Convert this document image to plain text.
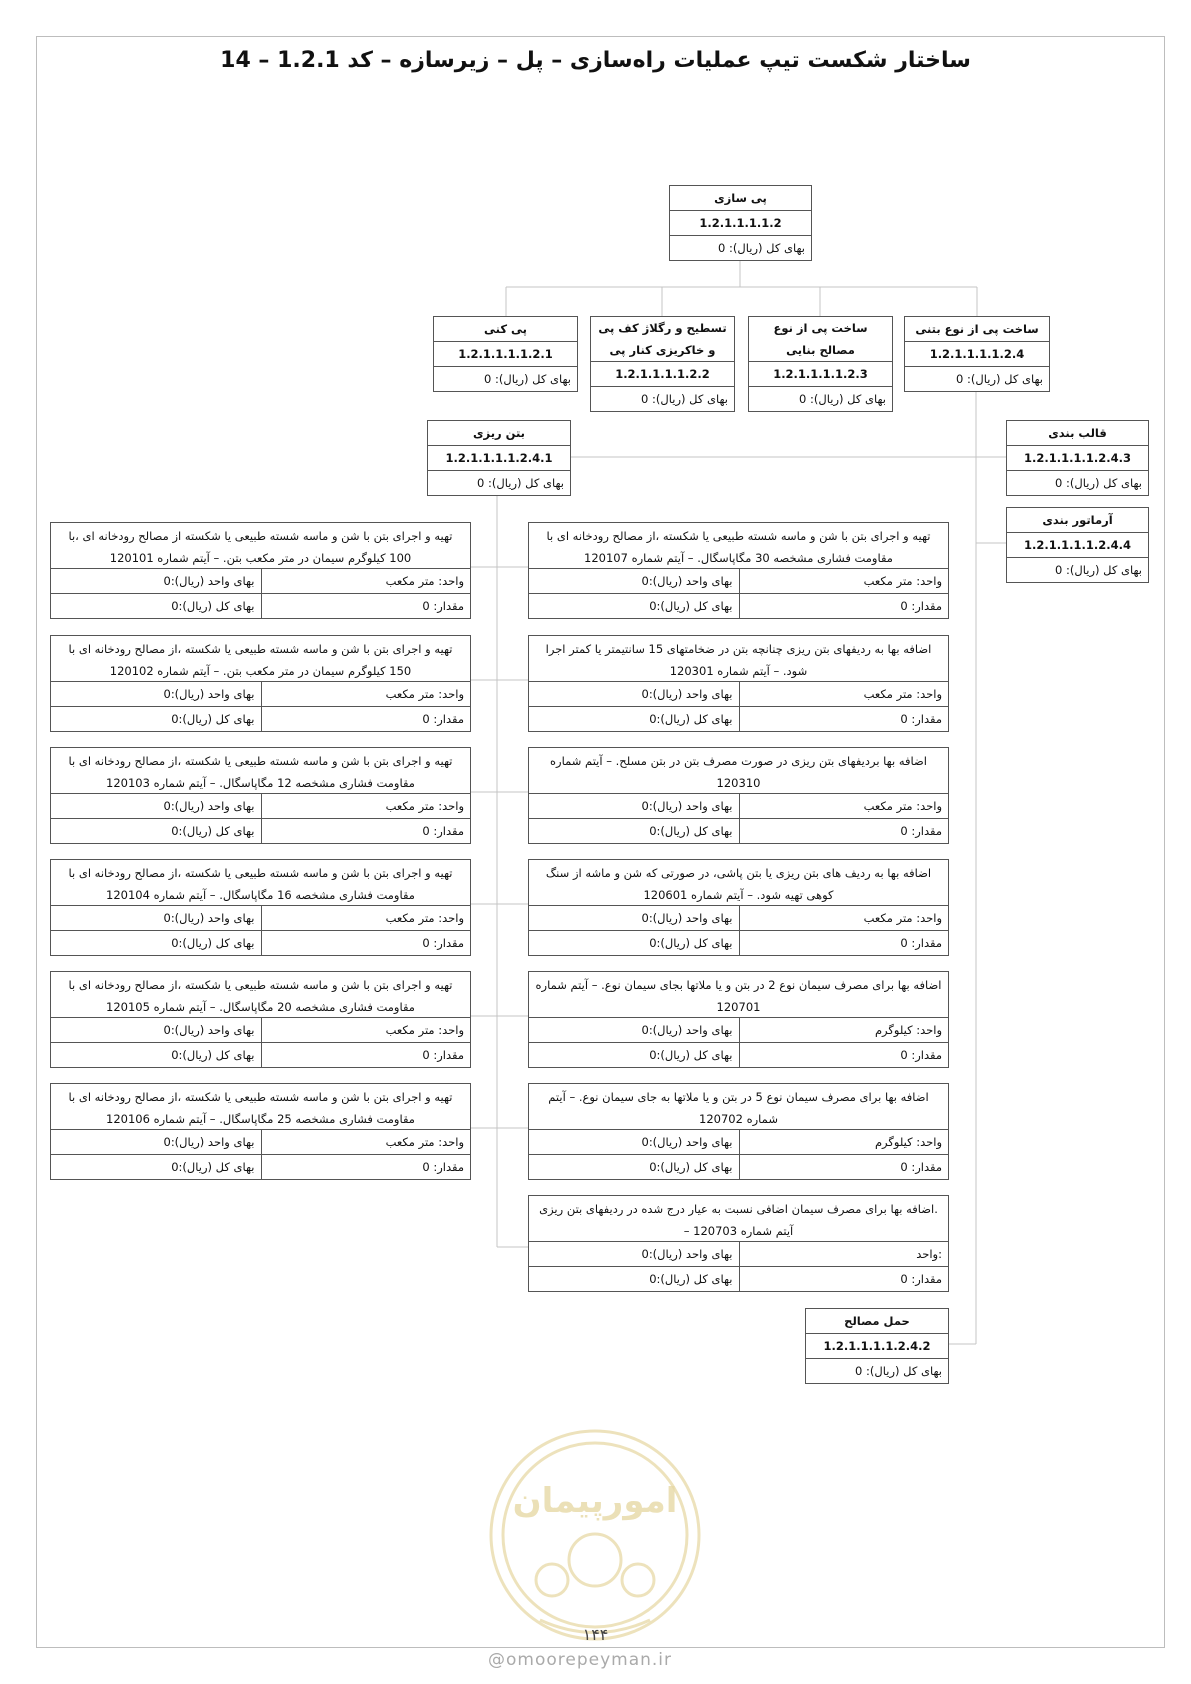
ساختار شکست تیپ عملیات راه‌سازی – پل – زیرسازه – کد 1.2.1 – 14
پی سازی
1.2.1.1.1.1.2
بهای کل (ریال): 0
ساخت پی از نوع بتنی
1.2.1.1.1.1.2.4
بهای کل (ریال): 0
ساخت پی از نوع مصالح بنایی
1.2.1.1.1.1.2.3
بهای کل (ریال): 0
تسطیح و رگلاژ کف پی و خاکریزی کنار پی
1.2.1.1.1.1.2.2
بهای کل (ریال): 0
پی کنی
1.2.1.1.1.1.2.1
بهای کل (ریال): 0
بتن ریزی
1.2.1.1.1.1.2.4.1
بهای کل (ریال): 0
قالب بندی
1.2.1.1.1.1.2.4.3
بهای کل (ریال): 0
آرماتور بندی
1.2.1.1.1.1.2.4.4
بهای کل (ریال): 0
حمل مصالح
1.2.1.1.1.1.2.4.2
بهای کل (ریال): 0
تهیه و اجرای بتن با شن و ماسه شسته طبیعی یا شکسته از مصالح رودخانه ای ،با 100 کیلوگرم سیمان در متر مکعب بتن. – آیتم شماره 120101
واحد: متر مکعب
بهای واحد (ریال):0
مقدار: 0
بهای کل (ریال):0
تهیه و اجرای بتن با شن و ماسه شسته طبیعی یا شکسته ،از مصالح رودخانه ای با 150 کیلوگرم سیمان در متر مکعب بتن. – آیتم شماره 120102
واحد: متر مکعب
بهای واحد (ریال):0
مقدار: 0
بهای کل (ریال):0
تهیه و اجرای بتن با شن و ماسه شسته طبیعی یا شکسته ،از مصالح رودخانه ای با مقاومت فشاری مشخصه 12 مگاپاسگال. – آیتم شماره 120103
واحد: متر مکعب
بهای واحد (ریال):0
مقدار: 0
بهای کل (ریال):0
تهیه و اجرای بتن با شن و ماسه شسته طبیعی یا شکسته ،از مصالح رودخانه ای با مقاومت فشاری مشخصه 16 مگاپاسگال. – آیتم شماره 120104
واحد: متر مکعب
بهای واحد (ریال):0
مقدار: 0
بهای کل (ریال):0
تهیه و اجرای بتن با شن و ماسه شسته طبیعی یا شکسته ،از مصالح رودخانه ای با مقاومت فشاری مشخصه 20 مگاپاسگال. – آیتم شماره 120105
واحد: متر مکعب
بهای واحد (ریال):0
مقدار: 0
بهای کل (ریال):0
تهیه و اجرای بتن با شن و ماسه شسته طبیعی یا شکسته ،از مصالح رودخانه ای با مقاومت فشاری مشخصه 25 مگاپاسگال. – آیتم شماره 120106
واحد: متر مکعب
بهای واحد (ریال):0
مقدار: 0
بهای کل (ریال):0
تهیه و اجرای بتن با شن و ماسه شسته طبیعی یا شکسته ،از مصالح رودخانه ای با مقاومت فشاری مشخصه 30 مگاپاسگال. – آیتم شماره 120107
واحد: متر مکعب
بهای واحد (ریال):0
مقدار: 0
بهای کل (ریال):0
اضافه بها به ردیفهای بتن ریزی چنانچه بتن در ضخامتهای 15 سانتیمتر یا کمتر اجرا شود. – آیتم شماره 120301
واحد: متر مکعب
بهای واحد (ریال):0
مقدار: 0
بهای کل (ریال):0
اضافه بها بردیفهای بتن ریزی در صورت مصرف بتن در بتن مسلح. – آیتم شماره 120310
واحد: متر مکعب
بهای واحد (ریال):0
مقدار: 0
بهای کل (ریال):0
اضافه بها به ردیف های بتن ریزی یا بتن پاشی، در صورتی که شن و ماشه از سنگ کوهی تهیه شود. – آیتم شماره 120601
واحد: متر مکعب
بهای واحد (ریال):0
مقدار: 0
بهای کل (ریال):0
اضافه بها برای مصرف سیمان نوع 2 در بتن و یا ملاتها بجای سیمان نوع. – آیتم شماره 120701
واحد: کیلوگرم
بهای واحد (ریال):0
مقدار: 0
بهای کل (ریال):0
اضافه بها برای مصرف سیمان نوع 5 در بتن و یا ملاتها به جای سیمان نوع. – آیتم شماره 120702
واحد: کیلوگرم
بهای واحد (ریال):0
مقدار: 0
بهای کل (ریال):0
.اضافه بها برای مصرف سیمان اضافی نسبت به عیار درج شده در ردیفهای بتن ریزی آیتم شماره 120703 –
:واحد
بهای واحد (ریال):0
مقدار: 0
بهای کل (ریال):0
امورپیمان
۱۴۴
@omoorepeyman.ir
